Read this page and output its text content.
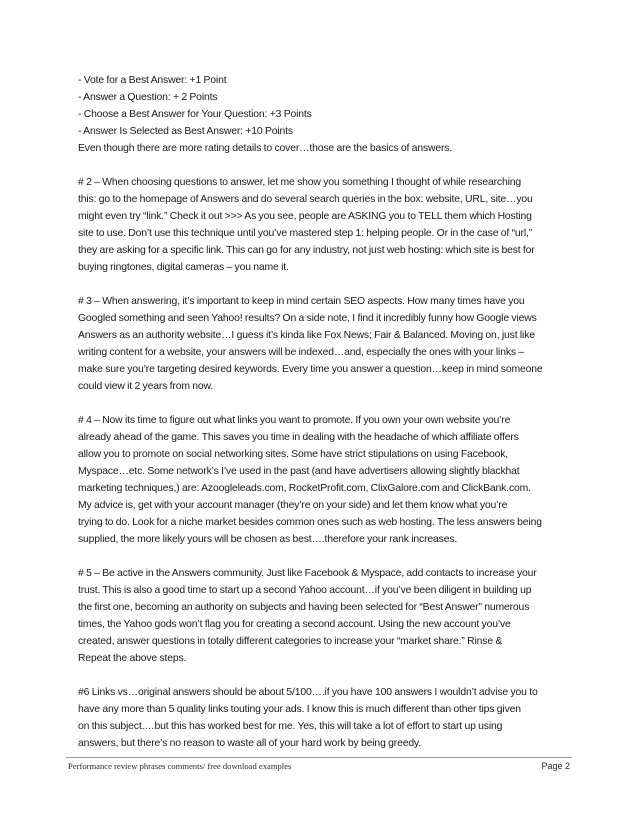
- Vote for a Best Answer: +1 Point
- Answer a Question: + 2 Points
- Choose a Best Answer for Your Question: +3 Points
- Answer Is Selected as Best Answer: +10 Points
Even though there are more rating details to cover…those are the basics of answers.
# 2 – When choosing questions to answer, let me show you something I thought of while researching
this: go to the homepage of Answers and do several search queries in the box: website, URL, site…you
might even try “link.” Check it out >>> As you see, people are ASKING you to TELL them which Hosting
site to use. Don’t use this technique until you’ve mastered step 1: helping people. Or in the case of “url,”
they are asking for a specific link. This can go for any industry, not just web hosting: which site is best for
buying ringtones, digital cameras – you name it.
# 3 – When answering, it’s important to keep in mind certain SEO aspects. How many times have you
Googled something and seen Yahoo! results? On a side note, I find it incredibly funny how Google views
Answers as an authority website…I guess it’s kinda like Fox News; Fair & Balanced. Moving on, just like
writing content for a website, your answers will be indexed…and, especially the ones with your links –
make sure you’re targeting desired keywords. Every time you answer a question…keep in mind someone
could view it 2 years from now.
# 4 – Now its time to figure out what links you want to promote. If you own your own website you’re
already ahead of the game. This saves you time in dealing with the headache of which affiliate offers
allow you to promote on social networking sites. Some have strict stipulations on using Facebook,
Myspace…etc. Some network’s I’ve used in the past (and have advertisers allowing slightly blackhat
marketing techniques,) are: Azoogleleads.com, RocketProfit.com, ClixGalore.com and ClickBank.com.
My advice is, get with your account manager (they’re on your side) and let them know what you’re
trying to do. Look for a niche market besides common ones such as web hosting. The less answers being
supplied, the more likely yours will be chosen as best….therefore your rank increases.
# 5 – Be active in the Answers community. Just like Facebook & Myspace, add contacts to increase your
trust. This is also a good time to start up a second Yahoo account…if you’ve been diligent in building up
the first one, becoming an authority on subjects and having been selected for “Best Answer” numerous
times, the Yahoo gods won’t flag you for creating a second account. Using the new account you’ve
created, answer questions in totally different categories to increase your “market share.” Rinse &
Repeat the above steps.
#6 Links vs…original answers should be about 5/100….if you have 100 answers I wouldn’t advise you to
have any more than 5 quality links touting your ads. I know this is much different than other tips given
on this subject.…but this has worked best for me. Yes, this will take a lot of effort to start up using
answers, but there’s no reason to waste all of your hard work by being greedy.
Performance review phrases comments/ free download examples	Page 2
